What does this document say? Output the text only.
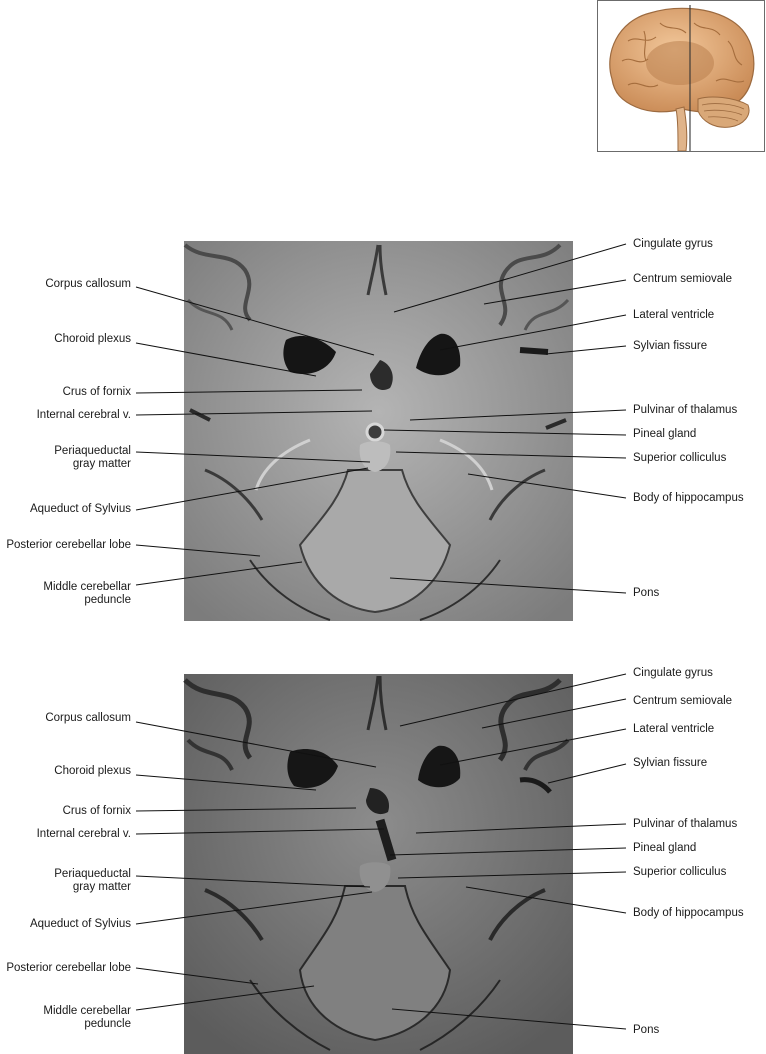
Corpus callosum
Choroid plexus
Crus of fornix
Internal cerebral v.
Periaqueductal
gray matter
Aqueduct of Sylvius
Posterior cerebellar lobe
Middle cerebellar
peduncle
Cingulate gyrus
Centrum semiovale
Lateral ventricle
Sylvian fissure
Pulvinar of thalamus
Pineal gland
Superior colliculus
Body of hippocampus
Pons
Corpus callosum
Choroid plexus
Crus of fornix
Internal cerebral v.
Periaqueductal
gray matter
Aqueduct of Sylvius
Posterior cerebellar lobe
Middle cerebellar
peduncle
Cingulate gyrus
Centrum semiovale
Lateral ventricle
Sylvian fissure
Pulvinar of thalamus
Pineal gland
Superior colliculus
Body of hippocampus
Pons
